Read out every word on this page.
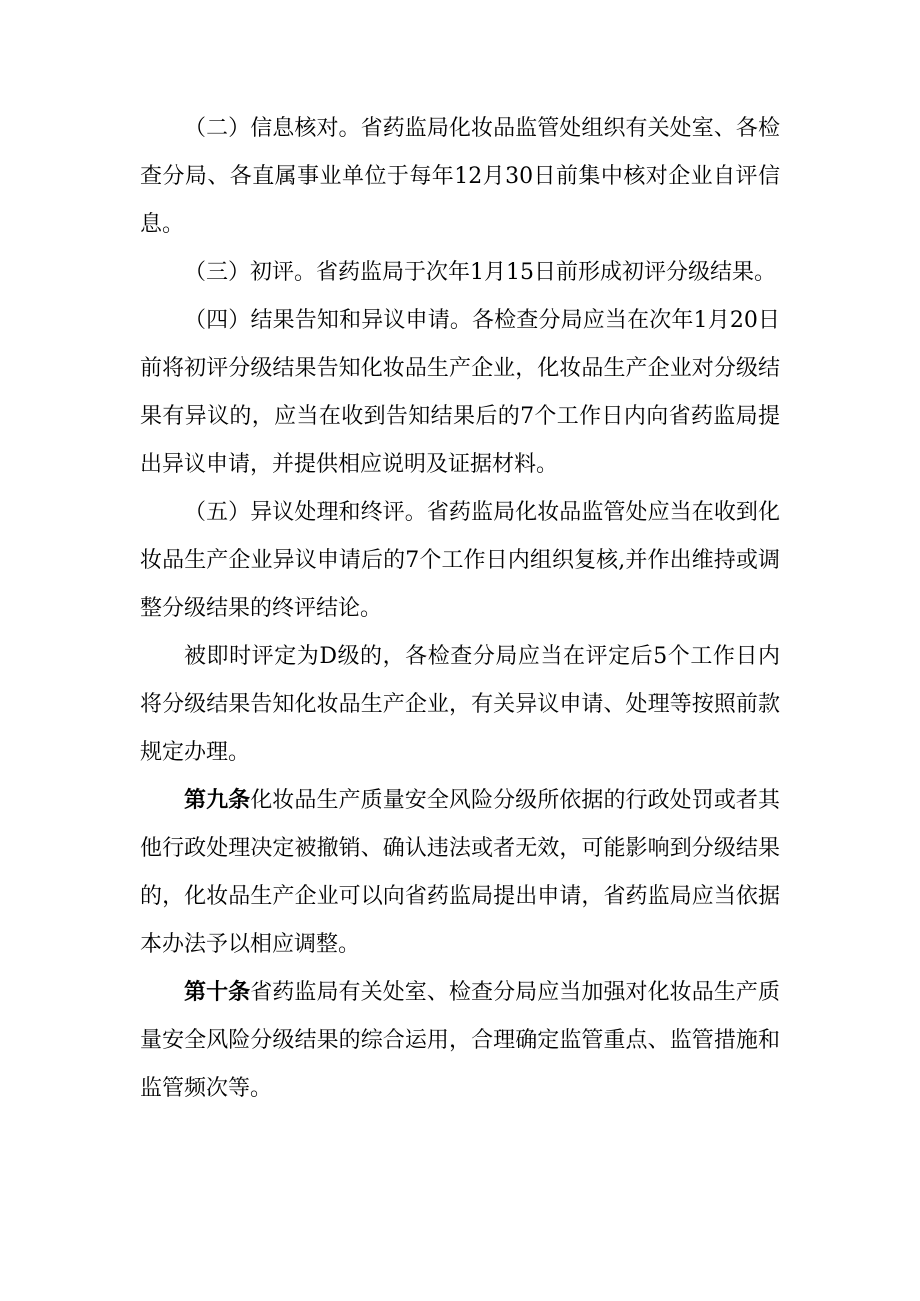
（二）信息核对。省药监局化妆品监管处组织有关处室、各检查分局、各直属事业单位于每年12月30日前集中核对企业自评信息。

（三）初评。省药监局于次年1月15日前形成初评分级结果。

（四）结果告知和异议申请。各检查分局应当在次年1月20日前将初评分级结果告知化妆品生产企业，化妆品生产企业对分级结果有异议的，应当在收到告知结果后的7个工作日内向省药监局提出异议申请，并提供相应说明及证据材料。

（五）异议处理和终评。省药监局化妆品监管处应当在收到化妆品生产企业异议申请后的7个工作日内组织复核,并作出维持或调整分级结果的终评结论。

被即时评定为D级的，各检查分局应当在评定后5个工作日内将分级结果告知化妆品生产企业，有关异议申请、处理等按照前款规定办理。

第九条化妆品生产质量安全风险分级所依据的行政处罚或者其他行政处理决定被撤销、确认违法或者无效，可能影响到分级结果的，化妆品生产企业可以向省药监局提出申请，省药监局应当依据本办法予以相应调整。

第十条省药监局有关处室、检查分局应当加强对化妆品生产质量安全风险分级结果的综合运用，合理确定监管重点、监管措施和监管频次等。
